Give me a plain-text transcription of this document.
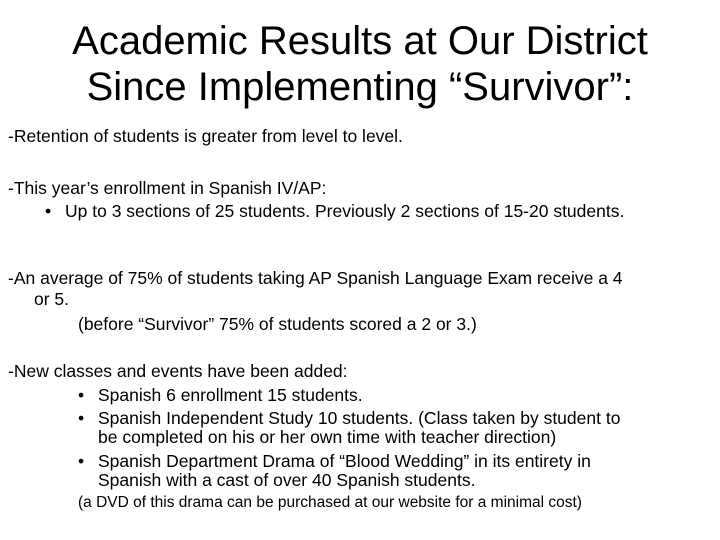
Academic Results at Our District
Since Implementing “Survivor”:
-Retention of students is greater from level to level.
-This year’s enrollment in Spanish IV/AP:
• Up to 3 sections of 25 students. Previously 2 sections of 15-20 students.
-An average of 75% of students taking AP Spanish Language Exam receive a 4
or 5.
(before “Survivor” 75% of students scored a 2 or 3.)
-New classes and events have been added:
• Spanish 6 enrollment 15 students.
• Spanish Independent Study 10 students. (Class taken by student to
be completed on his or her own time with teacher direction)
• Spanish Department Drama of “Blood Wedding” in its entirety in
Spanish with a cast of over 40 Spanish students.
(a DVD of this drama can be purchased at our website for a minimal cost)
